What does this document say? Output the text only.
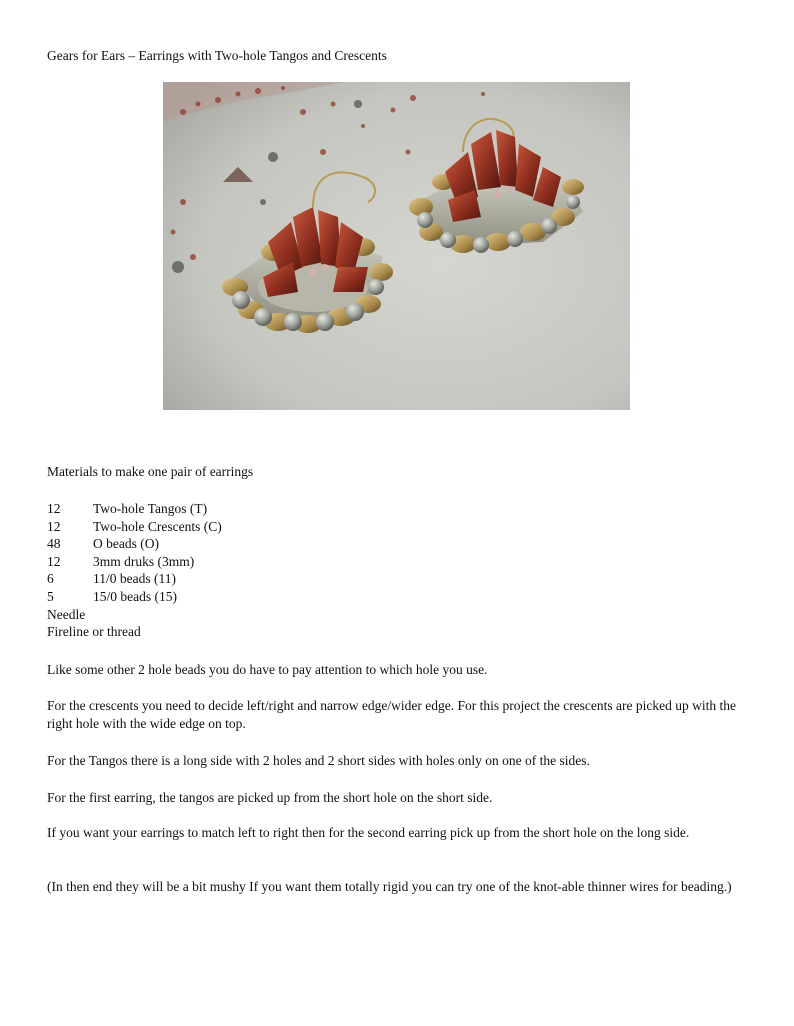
Gears for Ears – Earrings with Two-hole Tangos and Crescents
Materials to make one pair of earrings
12	Two-hole Tangos (T)
12	Two-hole Crescents (C)
48	O beads (O)
12	3mm druks (3mm)
6	11/0 beads (11)
5	15/0 beads (15)
Needle
Fireline or thread

Like some other 2 hole beads you do have to pay attention to which hole you use.

For the crescents you need to decide left/right and narrow edge/wider edge. For this project the crescents are picked up with the right hole with the wide edge on top.

For the Tangos there is a long side with 2 holes and 2 short sides with holes only on one of the sides.

For the first earring, the tangos are picked up from the short hole on the short side.

If you want your earrings to match left to right then for the second earring pick up from the short hole on the long side.

(In then end they will be a bit mushy If you want them totally rigid you can try one of the knot-able thinner wires for beading.)
